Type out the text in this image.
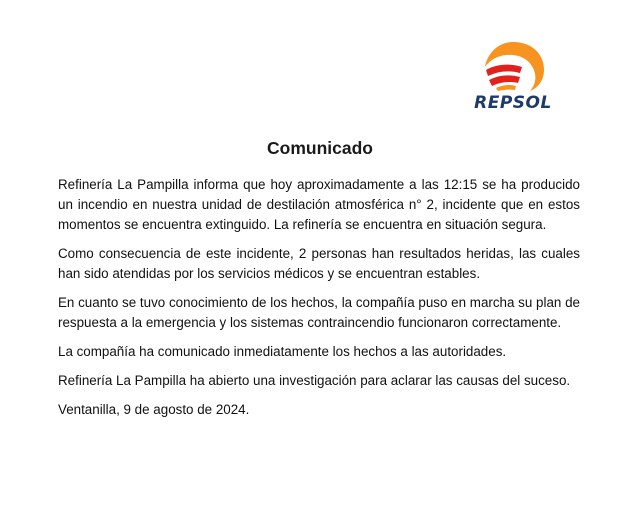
REPSOL
Comunicado

Refinería La Pampilla informa que hoy aproximadamente a las 12:15 se ha producido un incendio en nuestra unidad de destilación atmosférica n° 2, incidente que en estos momentos se encuentra extinguido. La refinería se encuentra en situación segura.

Como consecuencia de este incidente, 2 personas han resultados heridas, las cuales han sido atendidas por los servicios médicos y se encuentran estables.

En cuanto se tuvo conocimiento de los hechos, la compañía puso en marcha su plan de respuesta a la emergencia y los sistemas contraincendio funcionaron correctamente.

La compañía ha comunicado inmediatamente los hechos a las autoridades.

Refinería La Pampilla ha abierto una investigación para aclarar las causas del suceso.

Ventanilla, 9 de agosto de 2024.
